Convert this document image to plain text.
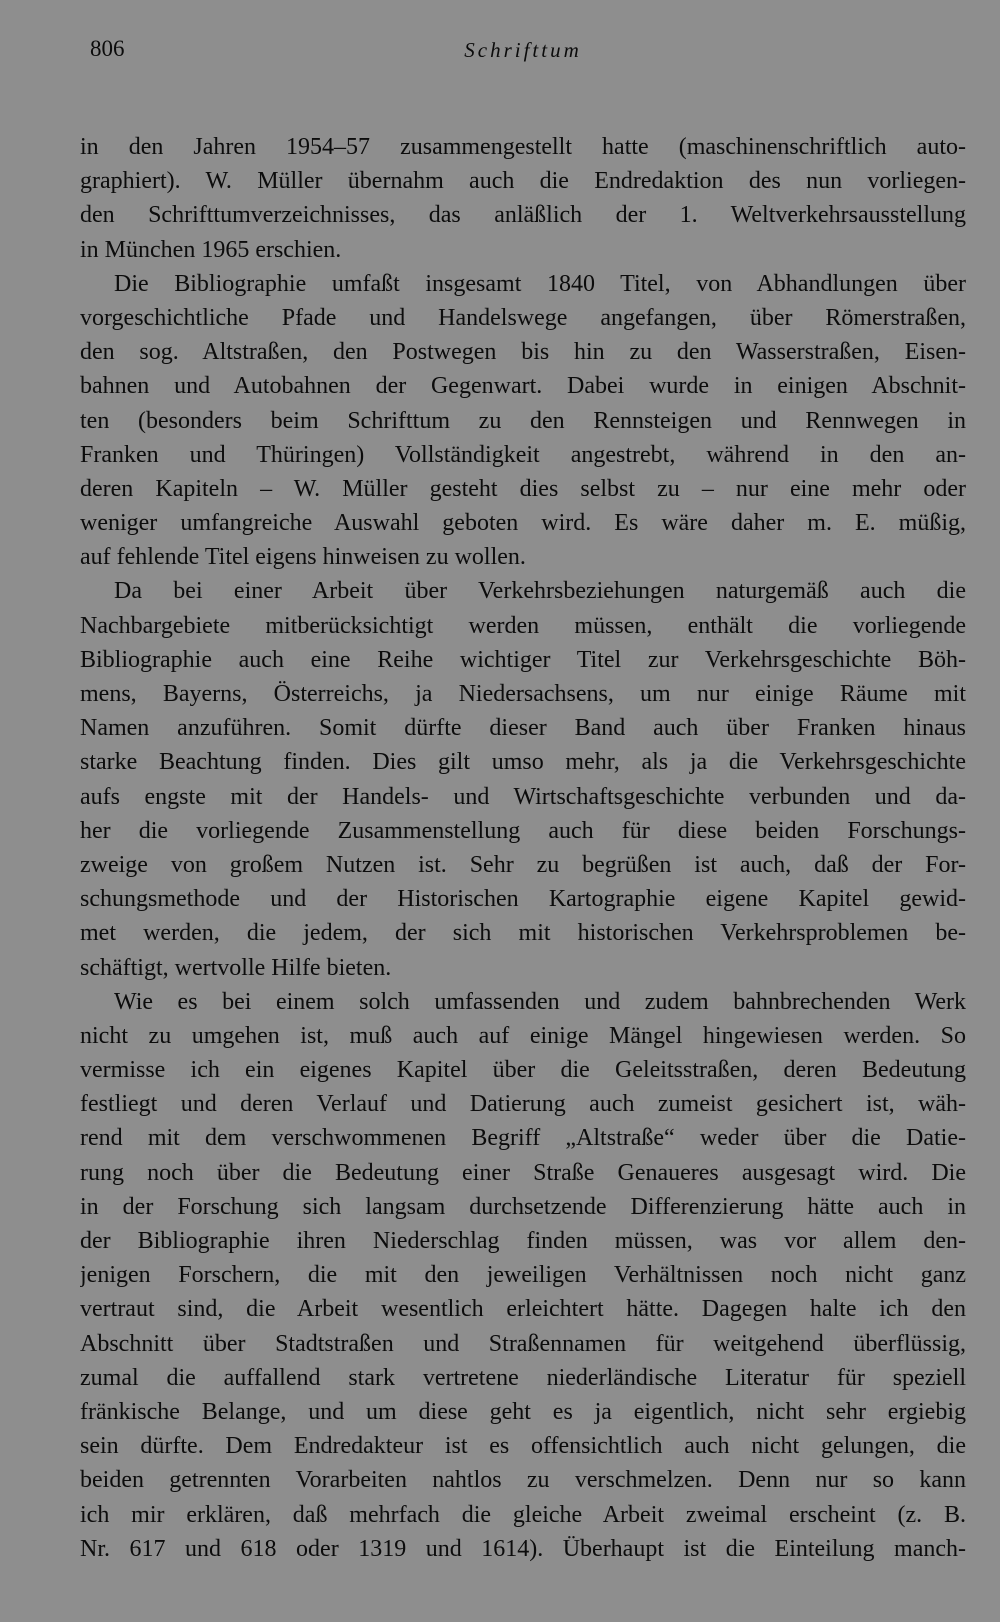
806	Schrifttum
in den Jahren 1954–57 zusammengestellt hatte (maschinenschriftlich auto-
graphiert). W. Müller übernahm auch die Endredaktion des nun vorliegen-
den Schrifttumverzeichnisses, das anläßlich der 1. Weltverkehrsausstellung
in München 1965 erschien.
Die Bibliographie umfaßt insgesamt 1840 Titel, von Abhandlungen über
vorgeschichtliche Pfade und Handelswege angefangen, über Römerstraßen,
den sog. Altstraßen, den Postwegen bis hin zu den Wasserstraßen, Eisen-
bahnen und Autobahnen der Gegenwart. Dabei wurde in einigen Abschnit-
ten (besonders beim Schrifttum zu den Rennsteigen und Rennwegen in
Franken und Thüringen) Vollständigkeit angestrebt, während in den an-
deren Kapiteln – W. Müller gesteht dies selbst zu – nur eine mehr oder
weniger umfangreiche Auswahl geboten wird. Es wäre daher m. E. müßig,
auf fehlende Titel eigens hinweisen zu wollen.
Da bei einer Arbeit über Verkehrsbeziehungen naturgemäß auch die
Nachbargebiete mitberücksichtigt werden müssen, enthält die vorliegende
Bibliographie auch eine Reihe wichtiger Titel zur Verkehrsgeschichte Böh-
mens, Bayerns, Österreichs, ja Niedersachsens, um nur einige Räume mit
Namen anzuführen. Somit dürfte dieser Band auch über Franken hinaus
starke Beachtung finden. Dies gilt umso mehr, als ja die Verkehrsgeschichte
aufs engste mit der Handels- und Wirtschaftsgeschichte verbunden und da-
her die vorliegende Zusammenstellung auch für diese beiden Forschungs-
zweige von großem Nutzen ist. Sehr zu begrüßen ist auch, daß der For-
schungsmethode und der Historischen Kartographie eigene Kapitel gewid-
met werden, die jedem, der sich mit historischen Verkehrsproblemen be-
schäftigt, wertvolle Hilfe bieten.
Wie es bei einem solch umfassenden und zudem bahnbrechenden Werk
nicht zu umgehen ist, muß auch auf einige Mängel hingewiesen werden. So
vermisse ich ein eigenes Kapitel über die Geleitsstraßen, deren Bedeutung
festliegt und deren Verlauf und Datierung auch zumeist gesichert ist, wäh-
rend mit dem verschwommenen Begriff „Altstraße“ weder über die Datie-
rung noch über die Bedeutung einer Straße Genaueres ausgesagt wird. Die
in der Forschung sich langsam durchsetzende Differenzierung hätte auch in
der Bibliographie ihren Niederschlag finden müssen, was vor allem den-
jenigen Forschern, die mit den jeweiligen Verhältnissen noch nicht ganz
vertraut sind, die Arbeit wesentlich erleichtert hätte. Dagegen halte ich den
Abschnitt über Stadtstraßen und Straßennamen für weitgehend überflüssig,
zumal die auffallend stark vertretene niederländische Literatur für speziell
fränkische Belange, und um diese geht es ja eigentlich, nicht sehr ergiebig
sein dürfte. Dem Endredakteur ist es offensichtlich auch nicht gelungen, die
beiden getrennten Vorarbeiten nahtlos zu verschmelzen. Denn nur so kann
ich mir erklären, daß mehrfach die gleiche Arbeit zweimal erscheint (z. B.
Nr. 617 und 618 oder 1319 und 1614). Überhaupt ist die Einteilung manch-
